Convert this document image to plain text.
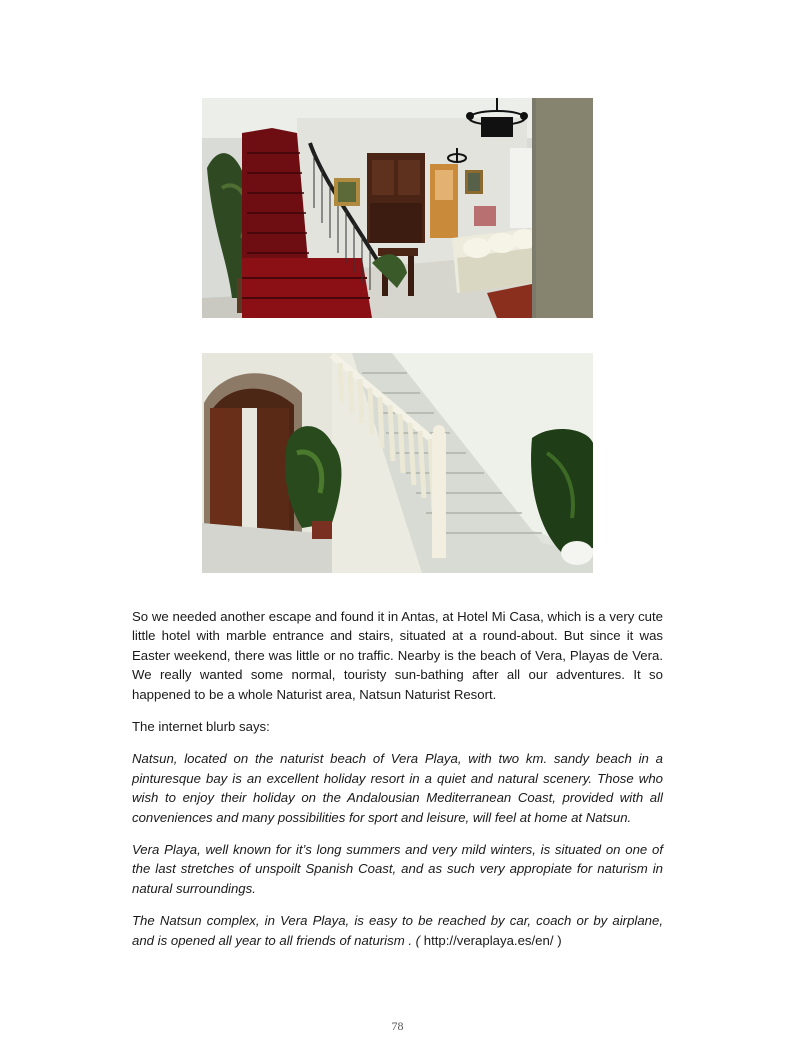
So we needed another escape and found it in Antas, at Hotel Mi Casa, which is a very cute little hotel with marble entrance and stairs, situated at a round-about. But since it was Easter weekend, there was little or no traffic. Nearby is the beach of Vera, Playas de Vera. We really wanted some normal, touristy sun-bathing after all our adventures. It so happened to be a whole Naturist area, Natsun Naturist Resort.

The internet blurb says:

Natsun, located on the naturist beach of Vera Playa, with two km. sandy beach in a pinturesque bay is an excellent holiday resort in a quiet and natural scenery. Those who wish to enjoy their holiday on the Andalousian Mediterranean Coast, provided with all conveniences and many possibilities for sport and leisure, will feel at home at Natsun.

Vera Playa, well known for it’s long summers and very mild winters, is situated on one of the last stretches of unspoilt Spanish Coast, and as such very appropiate for naturism in natural surroundings.

The Natsun complex, in Vera Playa, is easy to be reached by car, coach or by airplane, and is opened all year to all friends of naturism . ( http://veraplaya.es/en/ )

78
